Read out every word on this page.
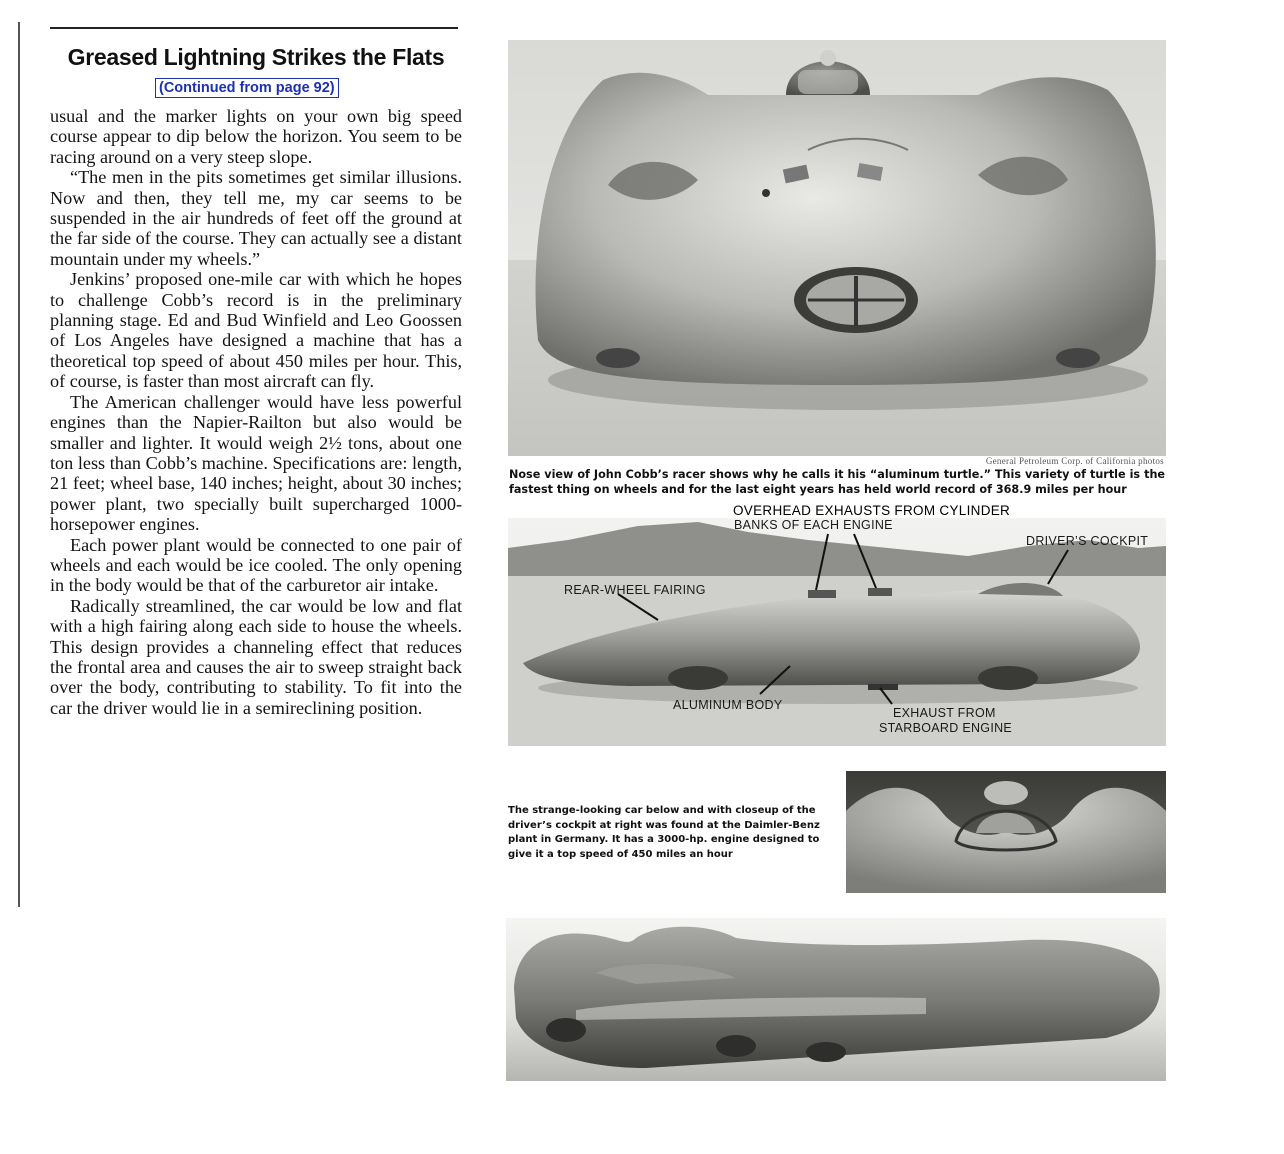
Greased Lightning Strikes the Flats
(Continued from page 92)

usual and the marker lights on your own big speed course appear to dip below the horizon. You seem to be racing around on a very steep slope.

“The men in the pits sometimes get similar illusions. Now and then, they tell me, my car seems to be suspended in the air hundreds of feet off the ground at the far side of the course. They can actually see a distant mountain under my wheels.”

Jenkins’ proposed one-mile car with which he hopes to challenge Cobb’s record is in the preliminary planning stage. Ed and Bud Winfield and Leo Goossen of Los Angeles have designed a machine that has a theoretical top speed of about 450 miles per hour. This, of course, is faster than most aircraft can fly.

The American challenger would have less powerful engines than the Napier-Railton but also would be smaller and lighter. It would weigh 2½ tons, about one ton less than Cobb’s machine. Specifications are: length, 21 feet; wheel base, 140 inches; height, about 30 inches; power plant, two specially built supercharged 1000-horsepower engines.

Each power plant would be connected to one pair of wheels and each would be ice cooled. The only opening in the body would be that of the carburetor air intake.

Radically streamlined, the car would be low and flat with a high fairing along each side to house the wheels. This design provides a channeling effect that reduces the frontal area and causes the air to sweep straight back over the body, contributing to stability. To fit into the car the driver would lie in a semireclining position.

General Petroleum Corp. of California photos
Nose view of John Cobb’s racer shows why he calls it his “aluminum turtle.” This variety of turtle is the fastest thing on wheels and for the last eight years has held world record of 368.9 miles per hour
OVERHEAD EXHAUSTS FROM CYLINDER
BANKS OF EACH ENGINE
DRIVER’S COCKPIT
REAR-WHEEL FAIRING
ALUMINUM BODY
EXHAUST FROM
STARBOARD ENGINE
The strange-looking car below and with closeup of the driver’s cockpit at right was found at the Daimler-Benz plant in Germany. It has a 3000-hp. engine designed to give it a top speed of 450 miles an hour
